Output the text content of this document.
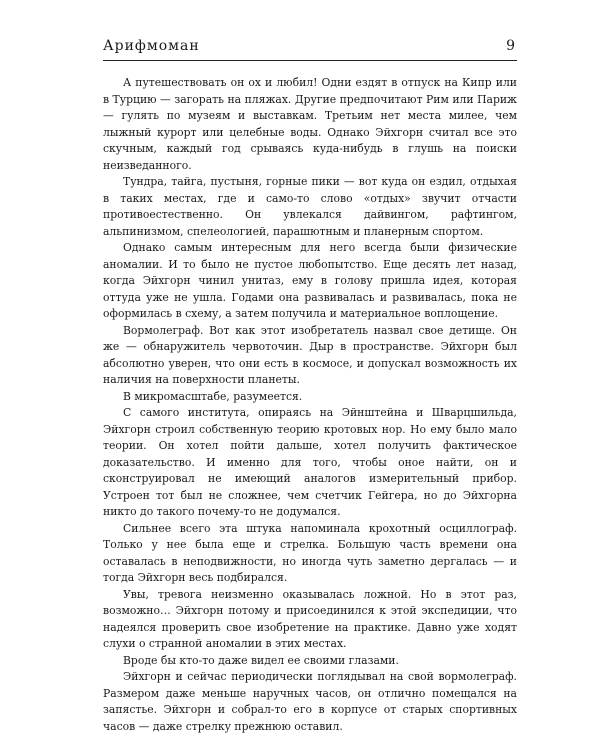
Арифмоман	9

А путешествовать он ох и любил! Одни ездят в отпуск на Кипр или в Турцию — загорать на пляжах. Другие предпочитают Рим или Париж — гулять по музеям и выставкам. Третьим нет места милее, чем лыжный курорт или целебные воды. Однако Эйхгорн считал все это скучным, каждый год срываясь куда-нибудь в глушь на поиски неизведанного.

Тундра, тайга, пустыня, горные пики — вот куда он ездил, отдыхая в таких местах, где и само-то слово «отдых» звучит отчасти противоестественно. Он увлекался дайвингом, рафтингом, альпинизмом, спелеологией, парашютным и планерным спортом.

Однако самым интересным для него всегда были физические аномалии. И то было не пустое любопытство. Еще десять лет назад, когда Эйхгорн чинил унитаз, ему в голову пришла идея, которая оттуда уже не ушла. Годами она развивалась и развивалась, пока не оформилась в схему, а затем получила и материальное воплощение.

Вормолеграф. Вот как этот изобретатель назвал свое детище. Он же — обнаружитель червоточин. Дыр в пространстве. Эйхгорн был абсолютно уверен, что они есть в космосе, и допускал возможность их наличия на поверхности планеты.

В микромасштабе, разумеется.

С самого института, опираясь на Эйнштейна и Шварцшильда, Эйхгорн строил собственную теорию кротовых нор. Но ему было мало теории. Он хотел пойти дальше, хотел получить фактическое доказательство. И именно для того, чтобы оное найти, он и сконструировал не имеющий аналогов измерительный прибор. Устроен тот был не сложнее, чем счетчик Гейгера, но до Эйхгорна никто до такого почему-то не додумался.

Сильнее всего эта штука напоминала крохотный осциллограф. Только у нее была еще и стрелка. Большую часть времени она оставалась в неподвижности, но иногда чуть заметно дергалась — и тогда Эйхгорн весь подбирался.

Увы, тревога неизменно оказывалась ложной. Но в этот раз, возможно… Эйхгорн потому и присоединился к этой экспедиции, что надеялся проверить свое изобретение на практике. Давно уже ходят слухи о странной аномалии в этих местах.

Вроде бы кто-то даже видел ее своими глазами.

Эйхгорн и сейчас периодически поглядывал на свой вормолеграф. Размером даже меньше наручных часов, он отлично помещался на запястье. Эйхгорн и собрал-то его в корпусе от старых спортивных часов — даже стрелку прежнюю оставил.
